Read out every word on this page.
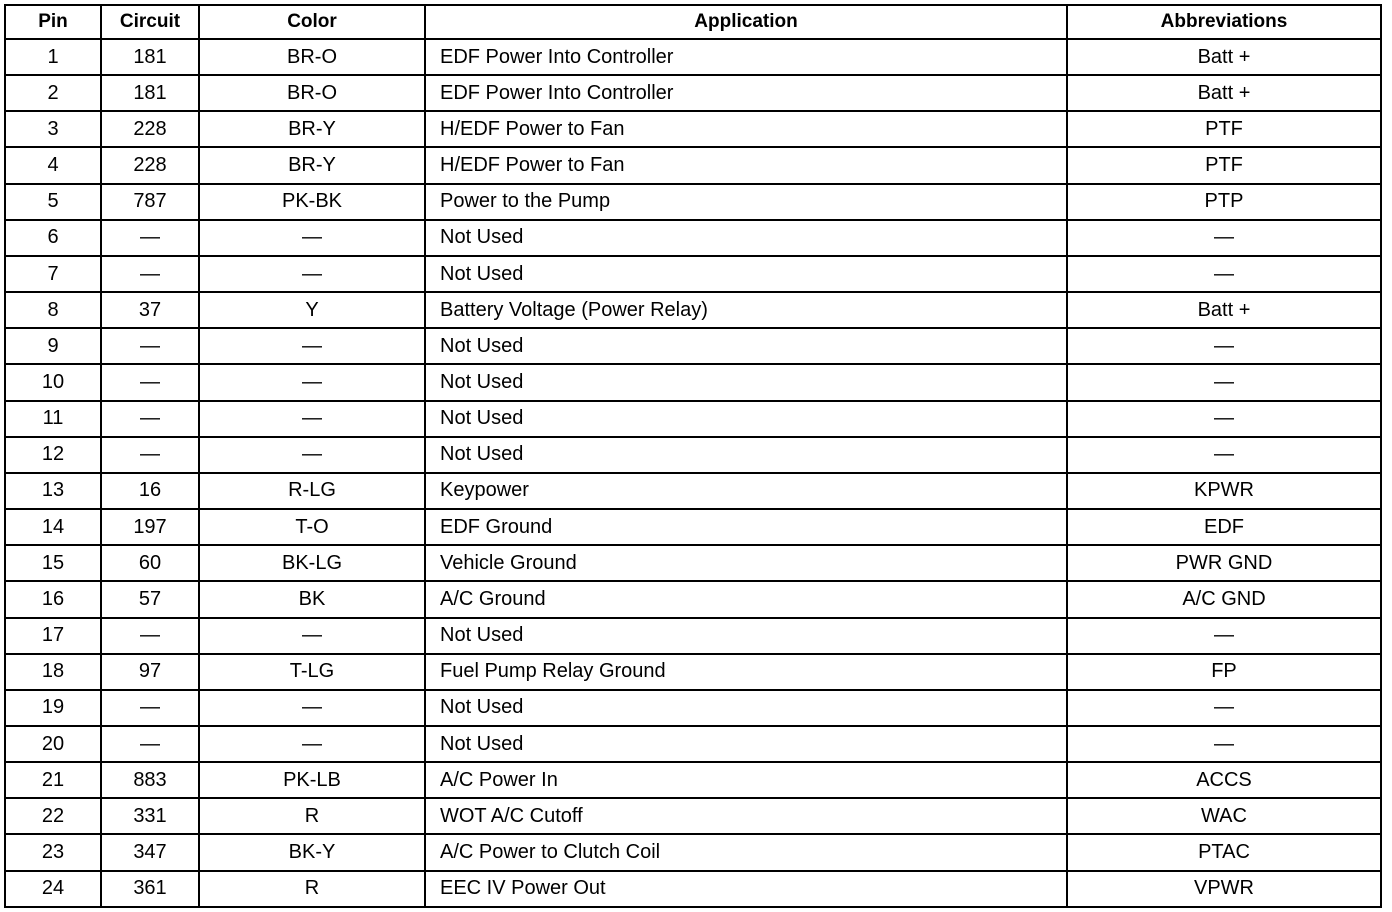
Pin	Circuit	Color	Application	Abbreviations
1	181	BR-O	EDF Power Into Controller	Batt +
2	181	BR-O	EDF Power Into Controller	Batt +
3	228	BR-Y	H/EDF Power to Fan	PTF
4	228	BR-Y	H/EDF Power to Fan	PTF
5	787	PK-BK	Power to the Pump	PTP
6	—	—	Not Used	—
7	—	—	Not Used	—
8	37	Y	Battery Voltage (Power Relay)	Batt +
9	—	—	Not Used	—
10	—	—	Not Used	—
11	—	—	Not Used	—
12	—	—	Not Used	—
13	16	R-LG	Keypower	KPWR
14	197	T-O	EDF Ground	EDF
15	60	BK-LG	Vehicle Ground	PWR GND
16	57	BK	A/C Ground	A/C GND
17	—	—	Not Used	—
18	97	T-LG	Fuel Pump Relay Ground	FP
19	—	—	Not Used	—
20	—	—	Not Used	—
21	883	PK-LB	A/C Power In	ACCS
22	331	R	WOT A/C Cutoff	WAC
23	347	BK-Y	A/C Power to Clutch Coil	PTAC
24	361	R	EEC IV Power Out	VPWR
